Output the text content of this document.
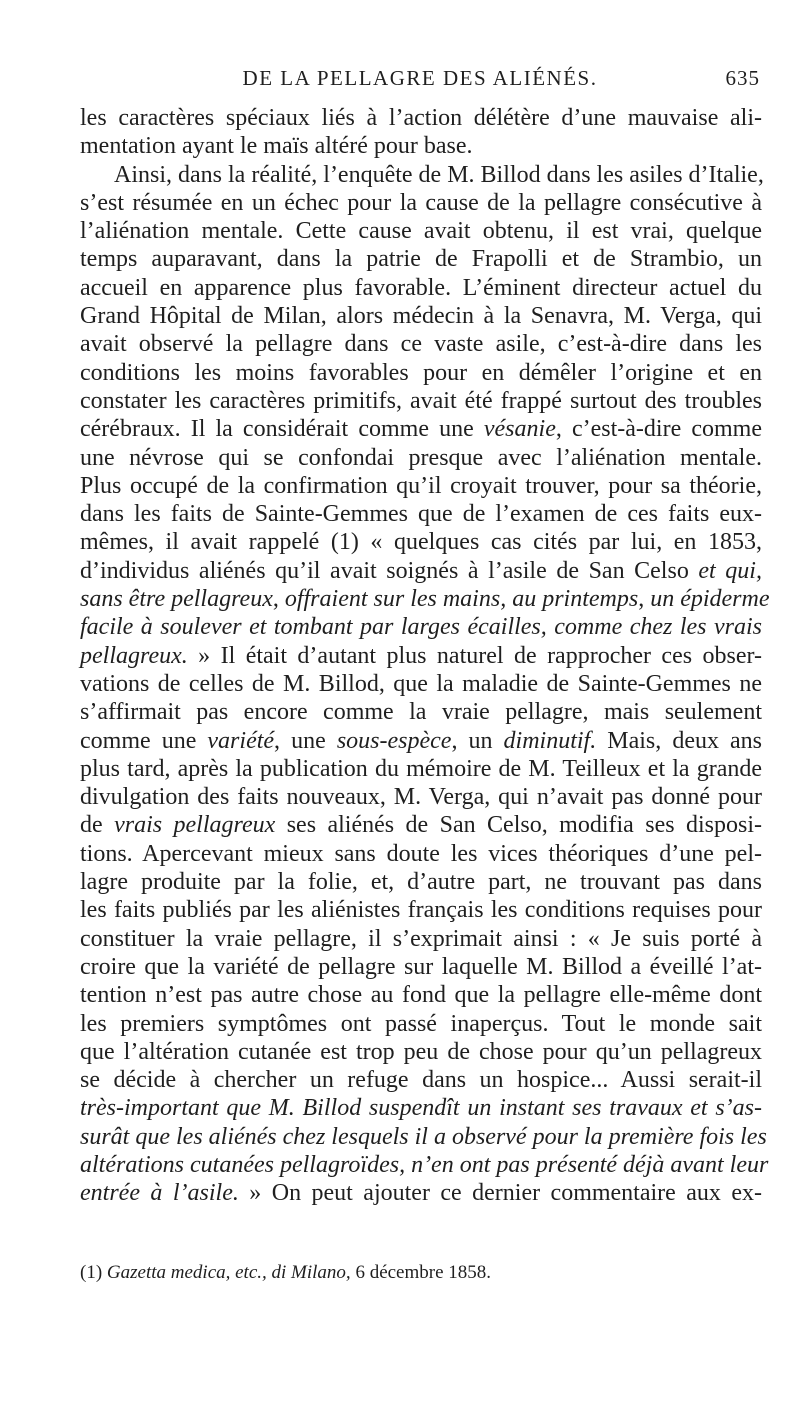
DE LA PELLAGRE DES ALIÉNÉS.	635
les caractères spéciaux liés à l’action délétère d’une mauvaise ali-
mentation ayant le maïs altéré pour base.
Ainsi, dans la réalité, l’enquête de M. Billod dans les asiles d’Italie,
s’est résumée en un échec pour la cause de la pellagre consécutive à
l’aliénation mentale. Cette cause avait obtenu, il est vrai, quelque
temps auparavant, dans la patrie de Frapolli et de Strambio, un
accueil en apparence plus favorable. L’éminent directeur actuel du
Grand Hôpital de Milan, alors médecin à la Senavra, M. Verga, qui
avait observé la pellagre dans ce vaste asile, c’est-à-dire dans les
conditions les moins favorables pour en démêler l’origine et en
constater les caractères primitifs, avait été frappé surtout des troubles
cérébraux. Il la considérait comme une vésanie, c’est-à-dire comme
une névrose qui se confondai presque avec l’aliénation mentale.
Plus occupé de la confirmation qu’il croyait trouver, pour sa théorie,
dans les faits de Sainte-Gemmes que de l’examen de ces faits eux-
mêmes, il avait rappelé (1) « quelques cas cités par lui, en 1853,
d’individus aliénés qu’il avait soignés à l’asile de San Celso et qui,
sans être pellagreux, offraient sur les mains, au printemps, un épiderme
facile à soulever et tombant par larges écailles, comme chez les vrais
pellagreux. » Il était d’autant plus naturel de rapprocher ces obser-
vations de celles de M. Billod, que la maladie de Sainte-Gemmes ne
s’affirmait pas encore comme la vraie pellagre, mais seulement
comme une variété, une sous-espèce, un diminutif. Mais, deux ans
plus tard, après la publication du mémoire de M. Teilleux et la grande
divulgation des faits nouveaux, M. Verga, qui n’avait pas donné pour
de vrais pellagreux ses aliénés de San Celso, modifia ses disposi-
tions. Apercevant mieux sans doute les vices théoriques d’une pel-
lagre produite par la folie, et, d’autre part, ne trouvant pas dans
les faits publiés par les aliénistes français les conditions requises pour
constituer la vraie pellagre, il s’exprimait ainsi : « Je suis porté à
croire que la variété de pellagre sur laquelle M. Billod a éveillé l’at-
tention n’est pas autre chose au fond que la pellagre elle-même dont
les premiers symptômes ont passé inaperçus. Tout le monde sait
que l’altération cutanée est trop peu de chose pour qu’un pellagreux
se décide à chercher un refuge dans un hospice... Aussi serait-il
très-important que M. Billod suspendît un instant ses travaux et s’as-
surât que les aliénés chez lesquels il a observé pour la première fois les
altérations cutanées pellagroïdes, n’en ont pas présenté déjà avant leur
entrée à l’asile. » On peut ajouter ce dernier commentaire aux ex-
(1) Gazetta medica, etc., di Milano, 6 décembre 1858.
